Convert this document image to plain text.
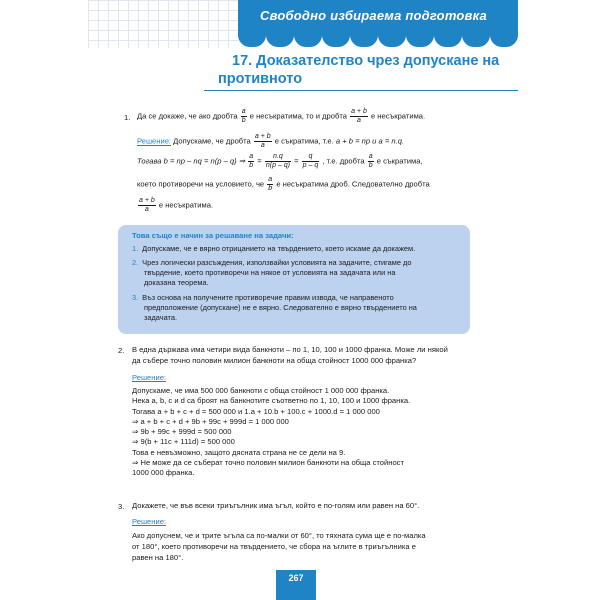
Свободно избираема подготовка
17. Доказателство чрез допускане на
противното
1. Да се докаже, че ако дробта $\frac{a}{b}$ е несъкратима, то и дробта $\frac{a + b}{a}$ е несъкратима.
Решение: Допускаме, че дробта $\frac{a + b}{a}$ е съкратима, т.е. a + b = np и a = n.q.
Тогава b = np – nq = n(p – q) ⇒ $\frac{a}{b} = \frac{n.q}{n(p - q)} = \frac{q}{p - q}$ , т.е. дробта $\frac{a}{b}$ е съкратима,
което противоречи на условието, че $\frac{a}{b}$ е несъкратима дроб. Следователно дробта
$\frac{a + b}{a}$ е несъкратима.
Това също е начин за решаване на задачи:
1. Допускаме, че е вярно отрицанието на твърдението, което искаме да докажем.
2. Чрез логически разсъждения, използвайки условията на задачите, стигаме до
твърдение, което противоречи на някое от условията на задачата или на
доказана теорема.
3. Въз основа на получените противоречие правим извода, че направеното
предположение (допускане) не е вярно. Следователно е вярно твърдението на
задачата.
2. В една държава има четири вида банкноти – по 1, 10, 100 и 1000 франка. Може ли някой
да събере точно половин милион банкноти на обща стойност 1000 000 франка?
Решение:
Допускаме, че има 500 000 банкноти с обща стойност 1 000 000 франка.
Нека a, b, c и d са броят на банкнотите съответно по 1, 10, 100 и 1000 франка.
Тогава a + b + c + d = 500 000 и 1.a + 10.b + 100.c + 1000.d = 1 000 000
⇒ a + b + c + d + 9b + 99c + 999d = 1 000 000
⇒ 9b + 99c + 999d = 500 000
⇒ 9(b + 11c + 111d) = 500 000
Това е невъзможно, защото дясната страна не се дели на 9.
⇒ Не може да се съберат точно половин милион банкноти на обща стойност
1000 000 франка.
3. Докажете, че във всеки триъгълник има ъгъл, който е по-голям или равен на 60°.
Решение:
Ако допуснем, че и трите ъгъла са по-малки от 60°, то тяхната сума ще е по-малка
от 180°, което противоречи на твърдението, че сбора на ъглите в триъгълника е
равен на 180°.
267
